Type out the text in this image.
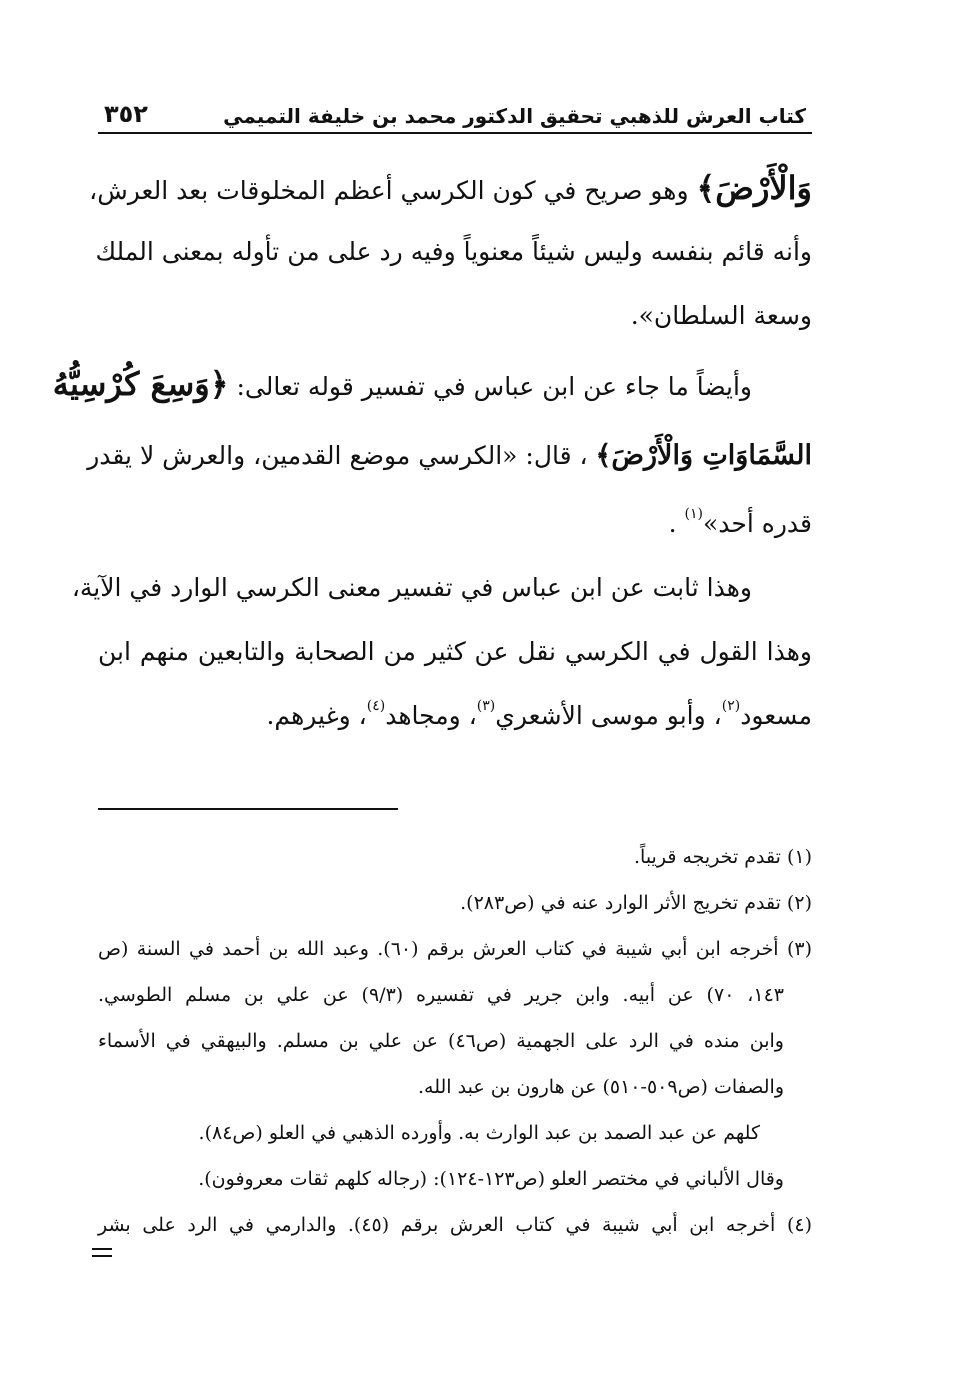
كتاب العرش للذهبي تحقيق الدكتور محمد بن خليفة التميمي
٣٥٢
وَالْأَرْضَ﴾ وهو صريح في كون الكرسي أعظم المخلوقات بعد العرش،
وأنه قائم بنفسه وليس شيئاً معنوياً وفيه رد على من تأوله بمعنى الملك
وسعة السلطان».
وأيضاً ما جاء عن ابن عباس في تفسير قوله تعالى: ﴿وَسِعَ كُرْسِيُّهُ
السَّمَاوَاتِ وَالْأَرْضَ﴾ ، قال: «الكرسي موضع القدمين، والعرش لا يقدر
قدره أحد»$^{(١)}$ .
وهذا ثابت عن ابن عباس في تفسير معنى الكرسي الوارد في الآية،
وهذا القول في الكرسي نقل عن كثير من الصحابة والتابعين منهم ابن
مسعود$^{(٢)}$، وأبو موسى الأشعري$^{(٣)}$، ومجاهد$^{(٤)}$، وغيرهم.
(١) تقدم تخريجه قريباً.
(٢) تقدم تخريج الأثر الوارد عنه في (ص٢٨٣).
(٣) أخرجه ابن أبي شيبة في كتاب العرش برقم (٦٠). وعبد الله بن أحمد في السنة (ص
١٤٣، ٧٠) عن أبيه. وابن جرير في تفسيره (٩/٣) عن علي بن مسلم الطوسي.
وابن منده في الرد على الجهمية (ص٤٦) عن علي بن مسلم. والبيهقي في الأسماء
والصفات (ص٥٠٩-٥١٠) عن هارون بن عبد الله.
كلهم عن عبد الصمد بن عبد الوارث به. وأورده الذهبي في العلو (ص٨٤).
وقال الألباني في مختصر العلو (ص١٢٣-١٢٤): (رجاله كلهم ثقات معروفون).
(٤) أخرجه ابن أبي شيبة في كتاب العرش برقم (٤٥). والدارمي في الرد على بشر
